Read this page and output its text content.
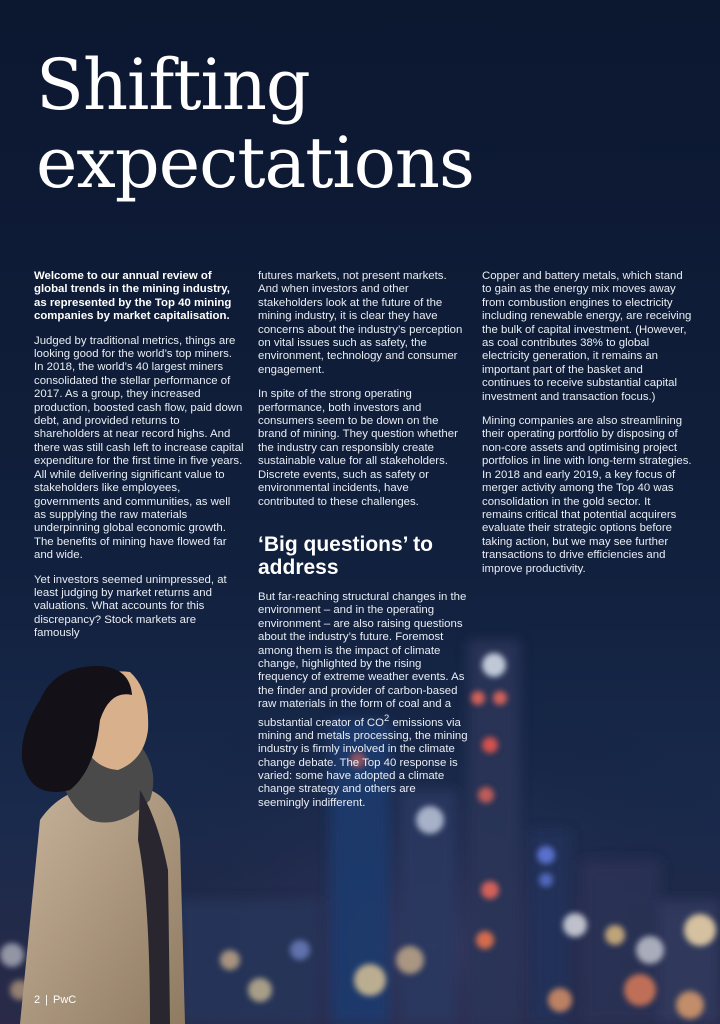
Shifting
expectations

Welcome to our annual review of global trends in the mining industry, as represented by the Top 40 mining companies by market capitalisation.

Judged by traditional metrics, things are looking good for the world’s top miners. In 2018, the world’s 40 largest miners consolidated the stellar performance of 2017. As a group, they increased production, boosted cash flow, paid down debt, and provided returns to shareholders at near record highs. And there was still cash left to increase capital expenditure for the first time in five years. All while delivering significant value to stakeholders like employees, governments and communities, as well as supplying the raw materials underpinning global economic growth. The benefits of mining have flowed far and wide.

Yet investors seemed unimpressed, at least judging by market returns and valuations. What accounts for this discrepancy? Stock markets are famously

futures markets, not present markets. And when investors and other stakeholders look at the future of the mining industry, it is clear they have concerns about the industry’s perception on vital issues such as safety, the environment, technology and consumer engagement.

In spite of the strong operating performance, both investors and consumers seem to be down on the brand of mining. They question whether the industry can responsibly create sustainable value for all stakeholders. Discrete events, such as safety or environmental incidents, have contributed to these challenges.

‘Big questions’ to
address

But far-reaching structural changes in the environment – and in the operating environment – are also raising questions about the industry’s future. Foremost among them is the impact of climate change, highlighted by the rising frequency of extreme weather events. As the finder and provider of carbon-based raw materials in the form of coal and a substantial creator of $CO^2$ emissions via mining and metals processing, the mining industry is firmly involved in the climate change debate. The Top 40 response is varied: some have adopted a climate change strategy and others are seemingly indifferent.

Copper and battery metals, which stand to gain as the energy mix moves away from combustion engines to electricity including renewable energy, are receiving the bulk of capital investment. (However, as coal contributes 38% to global electricity generation, it remains an important part of the basket and continues to receive substantial capital investment and transaction focus.)

Mining companies are also streamlining their operating portfolio by disposing of non-core assets and optimising project portfolios in line with long-term strategies. In 2018 and early 2019, a key focus of merger activity among the Top 40 was consolidation in the gold sector. It remains critical that potential acquirers evaluate their strategic options before taking action, but we may see further transactions to drive efficiencies and improve productivity.

2 | PwC
